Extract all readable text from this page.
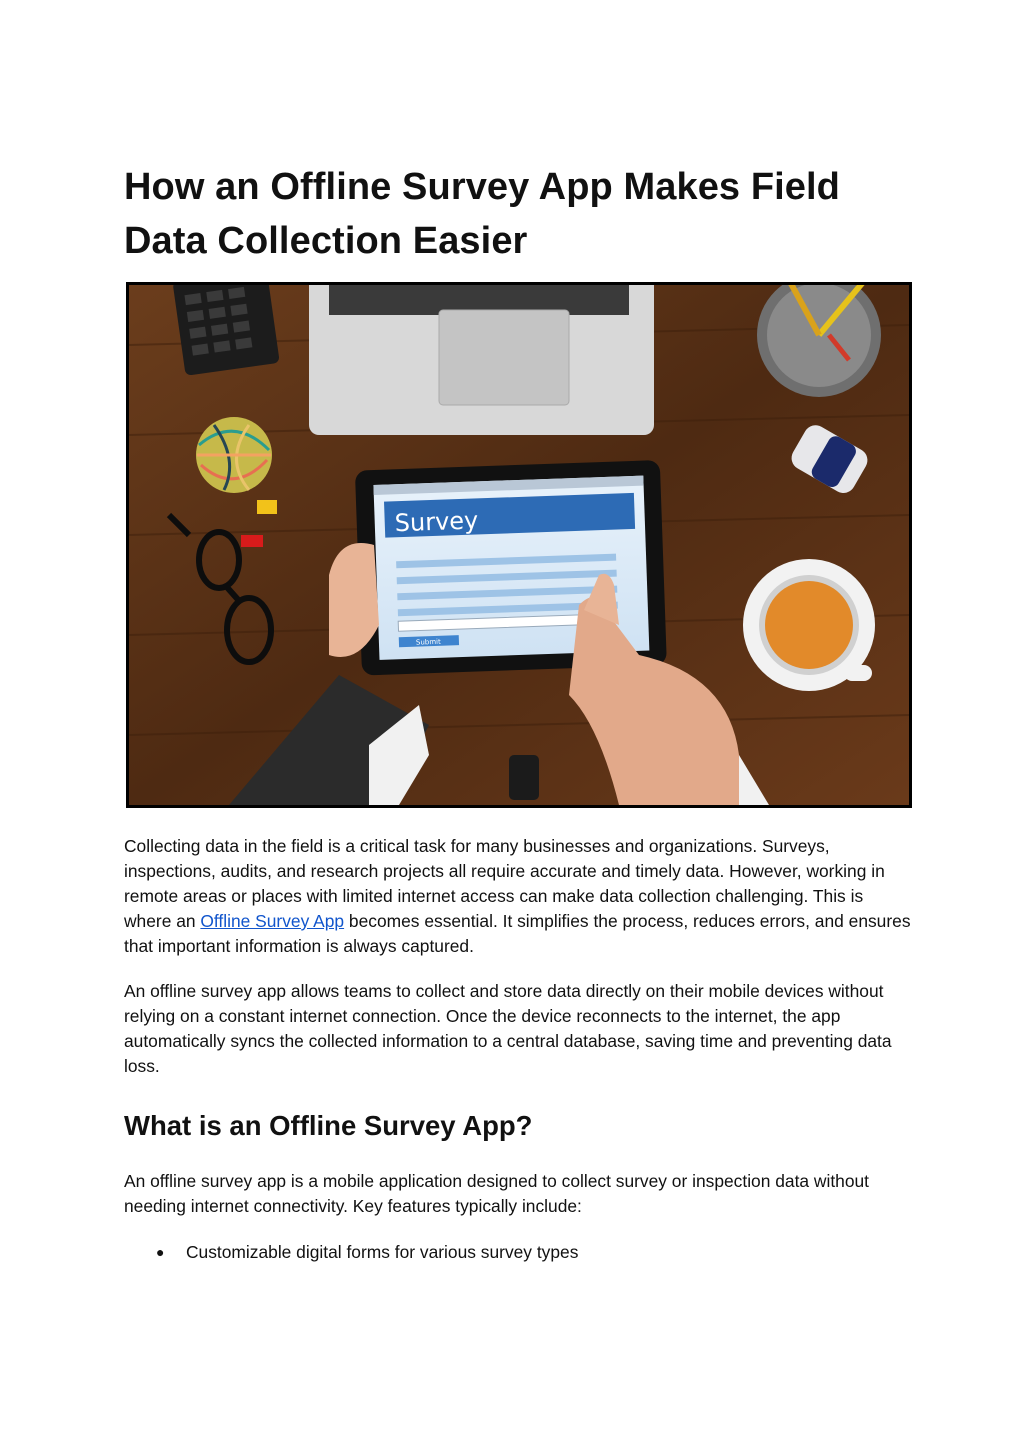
How an Offline Survey App Makes Field Data Collection Easier
Survey
Submit

Collecting data in the field is a critical task for many businesses and organizations. Surveys, inspections, audits, and research projects all require accurate and timely data. However, working in remote areas or places with limited internet access can make data collection challenging. This is where an Offline Survey App becomes essential. It simplifies the process, reduces errors, and ensures that important information is always captured.

An offline survey app allows teams to collect and store data directly on their mobile devices without relying on a constant internet connection. Once the device reconnects to the internet, the app automatically syncs the collected information to a central database, saving time and preventing data loss.

What is an Offline Survey App?

An offline survey app is a mobile application designed to collect survey or inspection data without needing internet connectivity. Key features typically include:

● Customizable digital forms for various survey types
